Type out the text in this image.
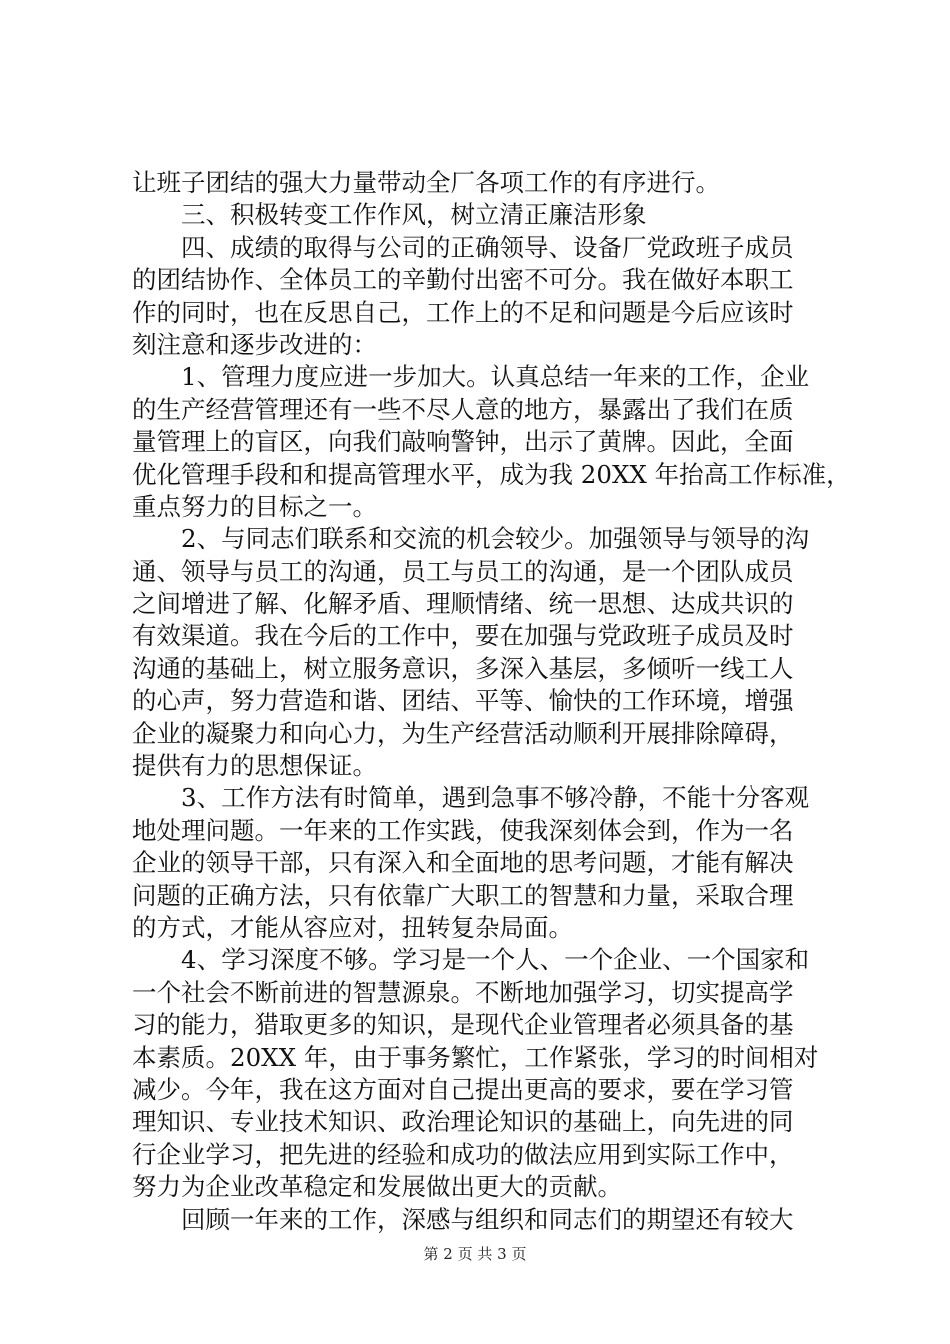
让班子团结的强大力量带动全厂各项工作的有序进行。
　　三、积极转变工作作风，树立清正廉洁形象
　　四、成绩的取得与公司的正确领导、设备厂党政班子成员
的团结协作、全体员工的辛勤付出密不可分。我在做好本职工
作的同时，也在反思自己，工作上的不足和问题是今后应该时
刻注意和逐步改进的：
　　1、管理力度应进一步加大。认真总结一年来的工作，企业
的生产经营管理还有一些不尽人意的地方，暴露出了我们在质
量管理上的盲区，向我们敲响警钟，出示了黄牌。因此，全面
优化管理手段和和提高管理水平，成为我 20XX 年抬高工作标准，
重点努力的目标之一。
　　2、与同志们联系和交流的机会较少。加强领导与领导的沟
通、领导与员工的沟通，员工与员工的沟通，是一个团队成员
之间增进了解、化解矛盾、理顺情绪、统一思想、达成共识的
有效渠道。我在今后的工作中，要在加强与党政班子成员及时
沟通的基础上，树立服务意识，多深入基层，多倾听一线工人
的心声，努力营造和谐、团结、平等、愉快的工作环境，增强
企业的凝聚力和向心力，为生产经营活动顺利开展排除障碍，
提供有力的思想保证。
　　3、工作方法有时简单，遇到急事不够冷静，不能十分客观
地处理问题。一年来的工作实践，使我深刻体会到，作为一名
企业的领导干部，只有深入和全面地的思考问题，才能有解决
问题的正确方法，只有依靠广大职工的智慧和力量，采取合理
的方式，才能从容应对，扭转复杂局面。
　　4、学习深度不够。学习是一个人、一个企业、一个国家和
一个社会不断前进的智慧源泉。不断地加强学习，切实提高学
习的能力，猎取更多的知识，是现代企业管理者必须具备的基
本素质。20XX 年，由于事务繁忙，工作紧张，学习的时间相对
减少。今年，我在这方面对自己提出更高的要求，要在学习管
理知识、专业技术知识、政治理论知识的基础上，向先进的同
行企业学习，把先进的经验和成功的做法应用到实际工作中，
努力为企业改革稳定和发展做出更大的贡献。
　　回顾一年来的工作，深感与组织和同志们的期望还有较大
第 2 页 共 3 页
